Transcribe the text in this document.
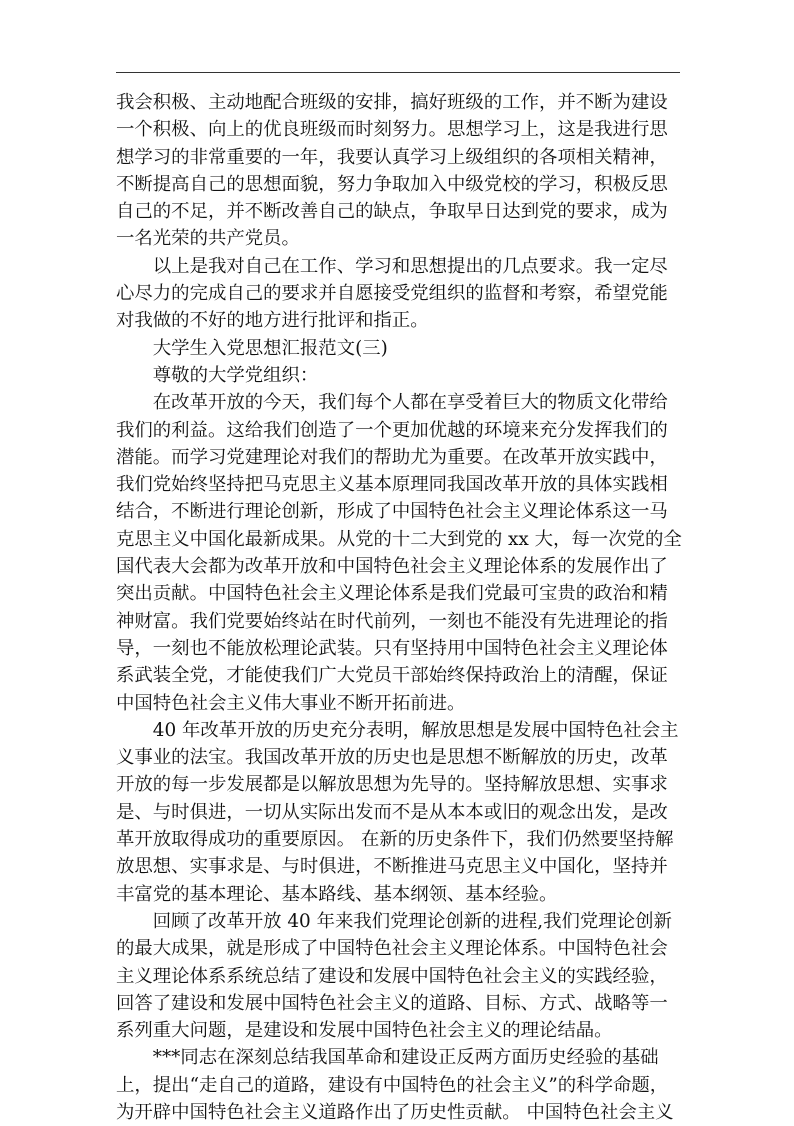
我会积极、主动地配合班级的安排，搞好班级的工作，并不断为建设
一个积极、向上的优良班级而时刻努力。思想学习上，这是我进行思
想学习的非常重要的一年，我要认真学习上级组织的各项相关精神，
不断提高自己的思想面貌，努力争取加入中级党校的学习，积极反思
自己的不足，并不断改善自己的缺点，争取早日达到党的要求，成为
一名光荣的共产党员。

　　以上是我对自己在工作、学习和思想提出的几点要求。我一定尽
心尽力的完成自己的要求并自愿接受党组织的监督和考察，希望党能
对我做的不好的地方进行批评和指正。

　　大学生入党思想汇报范文(三)

　　尊敬的大学党组织：

　　在改革开放的今天，我们每个人都在享受着巨大的物质文化带给
我们的利益。这给我们创造了一个更加优越的环境来充分发挥我们的
潜能。而学习党建理论对我们的帮助尤为重要。在改革开放实践中，
我们党始终坚持把马克思主义基本原理同我国改革开放的具体实践相
结合，不断进行理论创新，形成了中国特色社会主义理论体系这一马
克思主义中国化最新成果。从党的十二大到党的 xx 大，每一次党的全
国代表大会都为改革开放和中国特色社会主义理论体系的发展作出了
突出贡献。中国特色社会主义理论体系是我们党最可宝贵的政治和精
神财富。我们党要始终站在时代前列，一刻也不能没有先进理论的指
导，一刻也不能放松理论武装。只有坚持用中国特色社会主义理论体
系武装全党，才能使我们广大党员干部始终保持政治上的清醒，保证
中国特色社会主义伟大事业不断开拓前进。

　　40 年改革开放的历史充分表明，解放思想是发展中国特色社会主
义事业的法宝。我国改革开放的历史也是思想不断解放的历史，改革
开放的每一步发展都是以解放思想为先导的。坚持解放思想、实事求
是、与时俱进，一切从实际出发而不是从本本或旧的观念出发，是改
革开放取得成功的重要原因。 在新的历史条件下，我们仍然要坚持解
放思想、实事求是、与时俱进，不断推进马克思主义中国化，坚持并
丰富党的基本理论、基本路线、基本纲领、基本经验。

　　回顾了改革开放 40 年来我们党理论创新的进程,我们党理论创新
的最大成果，就是形成了中国特色社会主义理论体系。中国特色社会
主义理论体系系统总结了建设和发展中国特色社会主义的实践经验，
回答了建设和发展中国特色社会主义的道路、目标、方式、战略等一
系列重大问题，是建设和发展中国特色社会主义的理论结晶。

　　***同志在深刻总结我国革命和建设正反两方面历史经验的基础
上，提出“走自己的道路，建设有中国特色的社会主义”的科学命题，
为开辟中国特色社会主义道路作出了历史性贡献。 中国特色社会主义
